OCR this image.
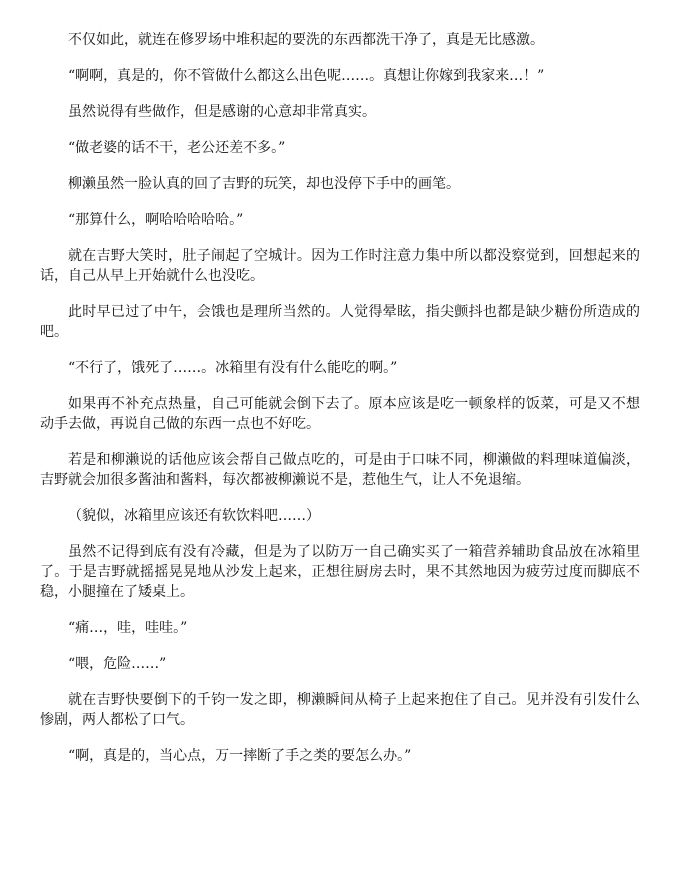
不仅如此，就连在修罗场中堆积起的要洗的东西都洗干净了，真是无比感激。

“啊啊，真是的，你不管做什么都这么出色呢……。真想让你嫁到我家来…！”

虽然说得有些做作，但是感谢的心意却非常真实。

“做老婆的话不干，老公还差不多。”

柳濑虽然一脸认真的回了吉野的玩笑，却也没停下手中的画笔。

“那算什么，啊哈哈哈哈哈。”

就在吉野大笑时，肚子闹起了空城计。因为工作时注意力集中所以都没察觉到，回想起来的话，自己从早上开始就什么也没吃。

此时早已过了中午，会饿也是理所当然的。人觉得晕眩，指尖颤抖也都是缺少糖份所造成的吧。

“不行了，饿死了……。冰箱里有没有什么能吃的啊。”

如果再不补充点热量，自己可能就会倒下去了。原本应该是吃一顿象样的饭菜，可是又不想动手去做，再说自己做的东西一点也不好吃。

若是和柳濑说的话他应该会帮自己做点吃的，可是由于口味不同，柳濑做的料理味道偏淡，吉野就会加很多酱油和酱料，每次都被柳濑说不是，惹他生气，让人不免退缩。

（貌似，冰箱里应该还有软饮料吧……）

虽然不记得到底有没有冷藏，但是为了以防万一自己确实买了一箱营养辅助食品放在冰箱里了。于是吉野就摇摇晃晃地从沙发上起来，正想往厨房去时，果不其然地因为疲劳过度而脚底不稳，小腿撞在了矮桌上。

“痛…，哇，哇哇。”

“喂，危险……”

就在吉野快要倒下的千钧一发之即，柳濑瞬间从椅子上起来抱住了自己。见并没有引发什么惨剧，两人都松了口气。

“啊，真是的，当心点，万一摔断了手之类的要怎么办。”
